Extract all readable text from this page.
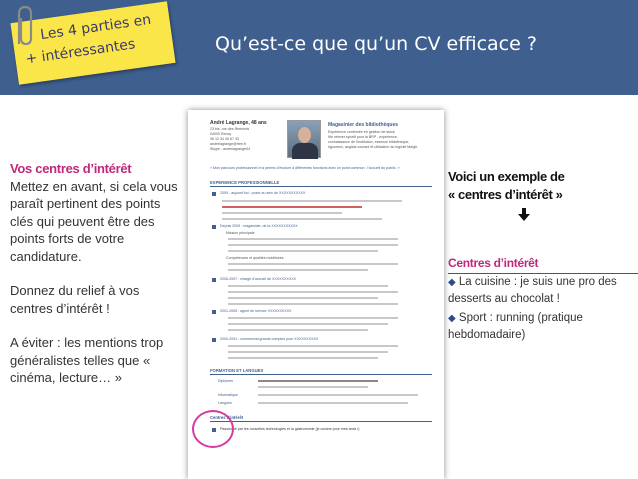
Qu’est-ce que qu’un CV efficace ?
Les 4 parties en
+ intéressantes

Vos centres d’intérêt

Mettez en avant, si cela vous paraît pertinent des points clés qui peuvent être des points forts de votre candidature.

Donnez du relief à vos centres d’intérêt !

A éviter : les mentions trop généralistes telles que « cinéma, lecture… »

André Lagrange, 48 ans
23 bis, rue des Remords
04000 Rency
06 12 34 45 67 33
andrelagrange@free.fr
Skype : andrelagrange04
Magasinier des bibliothèques
Expérience confirmée en gestion de stock
Me relever sportif pour la BRP - expérience,
connaissance de l'institution, essence bibliothèque,
rigoureux, anglais courant et utilisation du logiciel Maigh.
« Mon parcours professionnel m'a permis d'évoluer à différentes fonctions avec un point commun : l'accueil du public. »
EXPERIENCE PROFESSIONNELLE
2009 - aujourd'hui : poste au sein de XXXXXXXXXXX
Depuis 2009 : magasinier, de la XXXXXXXXXXX
Mission principale
Compétences et qualités mobilisées
2005-2007 : chargé d'accueil de XXXXXXXXXX
2001-2005 : agent de service XXXXXXXXXX
2000-2001 : commercial grands comptes pour XXXXXXXXXX
FORMATION ET LANGUES
Diplômes
Informatique
Langues
Centres d'intérêt
Passionné par les nouvelles technologies et la gastronomie (je cuisine pour mes amis !)
Voici un exemple de
« centres d’intérêt »
Centres d’intérêt
◆ La cuisine : je suis une pro des desserts au chocolat !
◆ Sport : running (pratique hebdomadaire)
